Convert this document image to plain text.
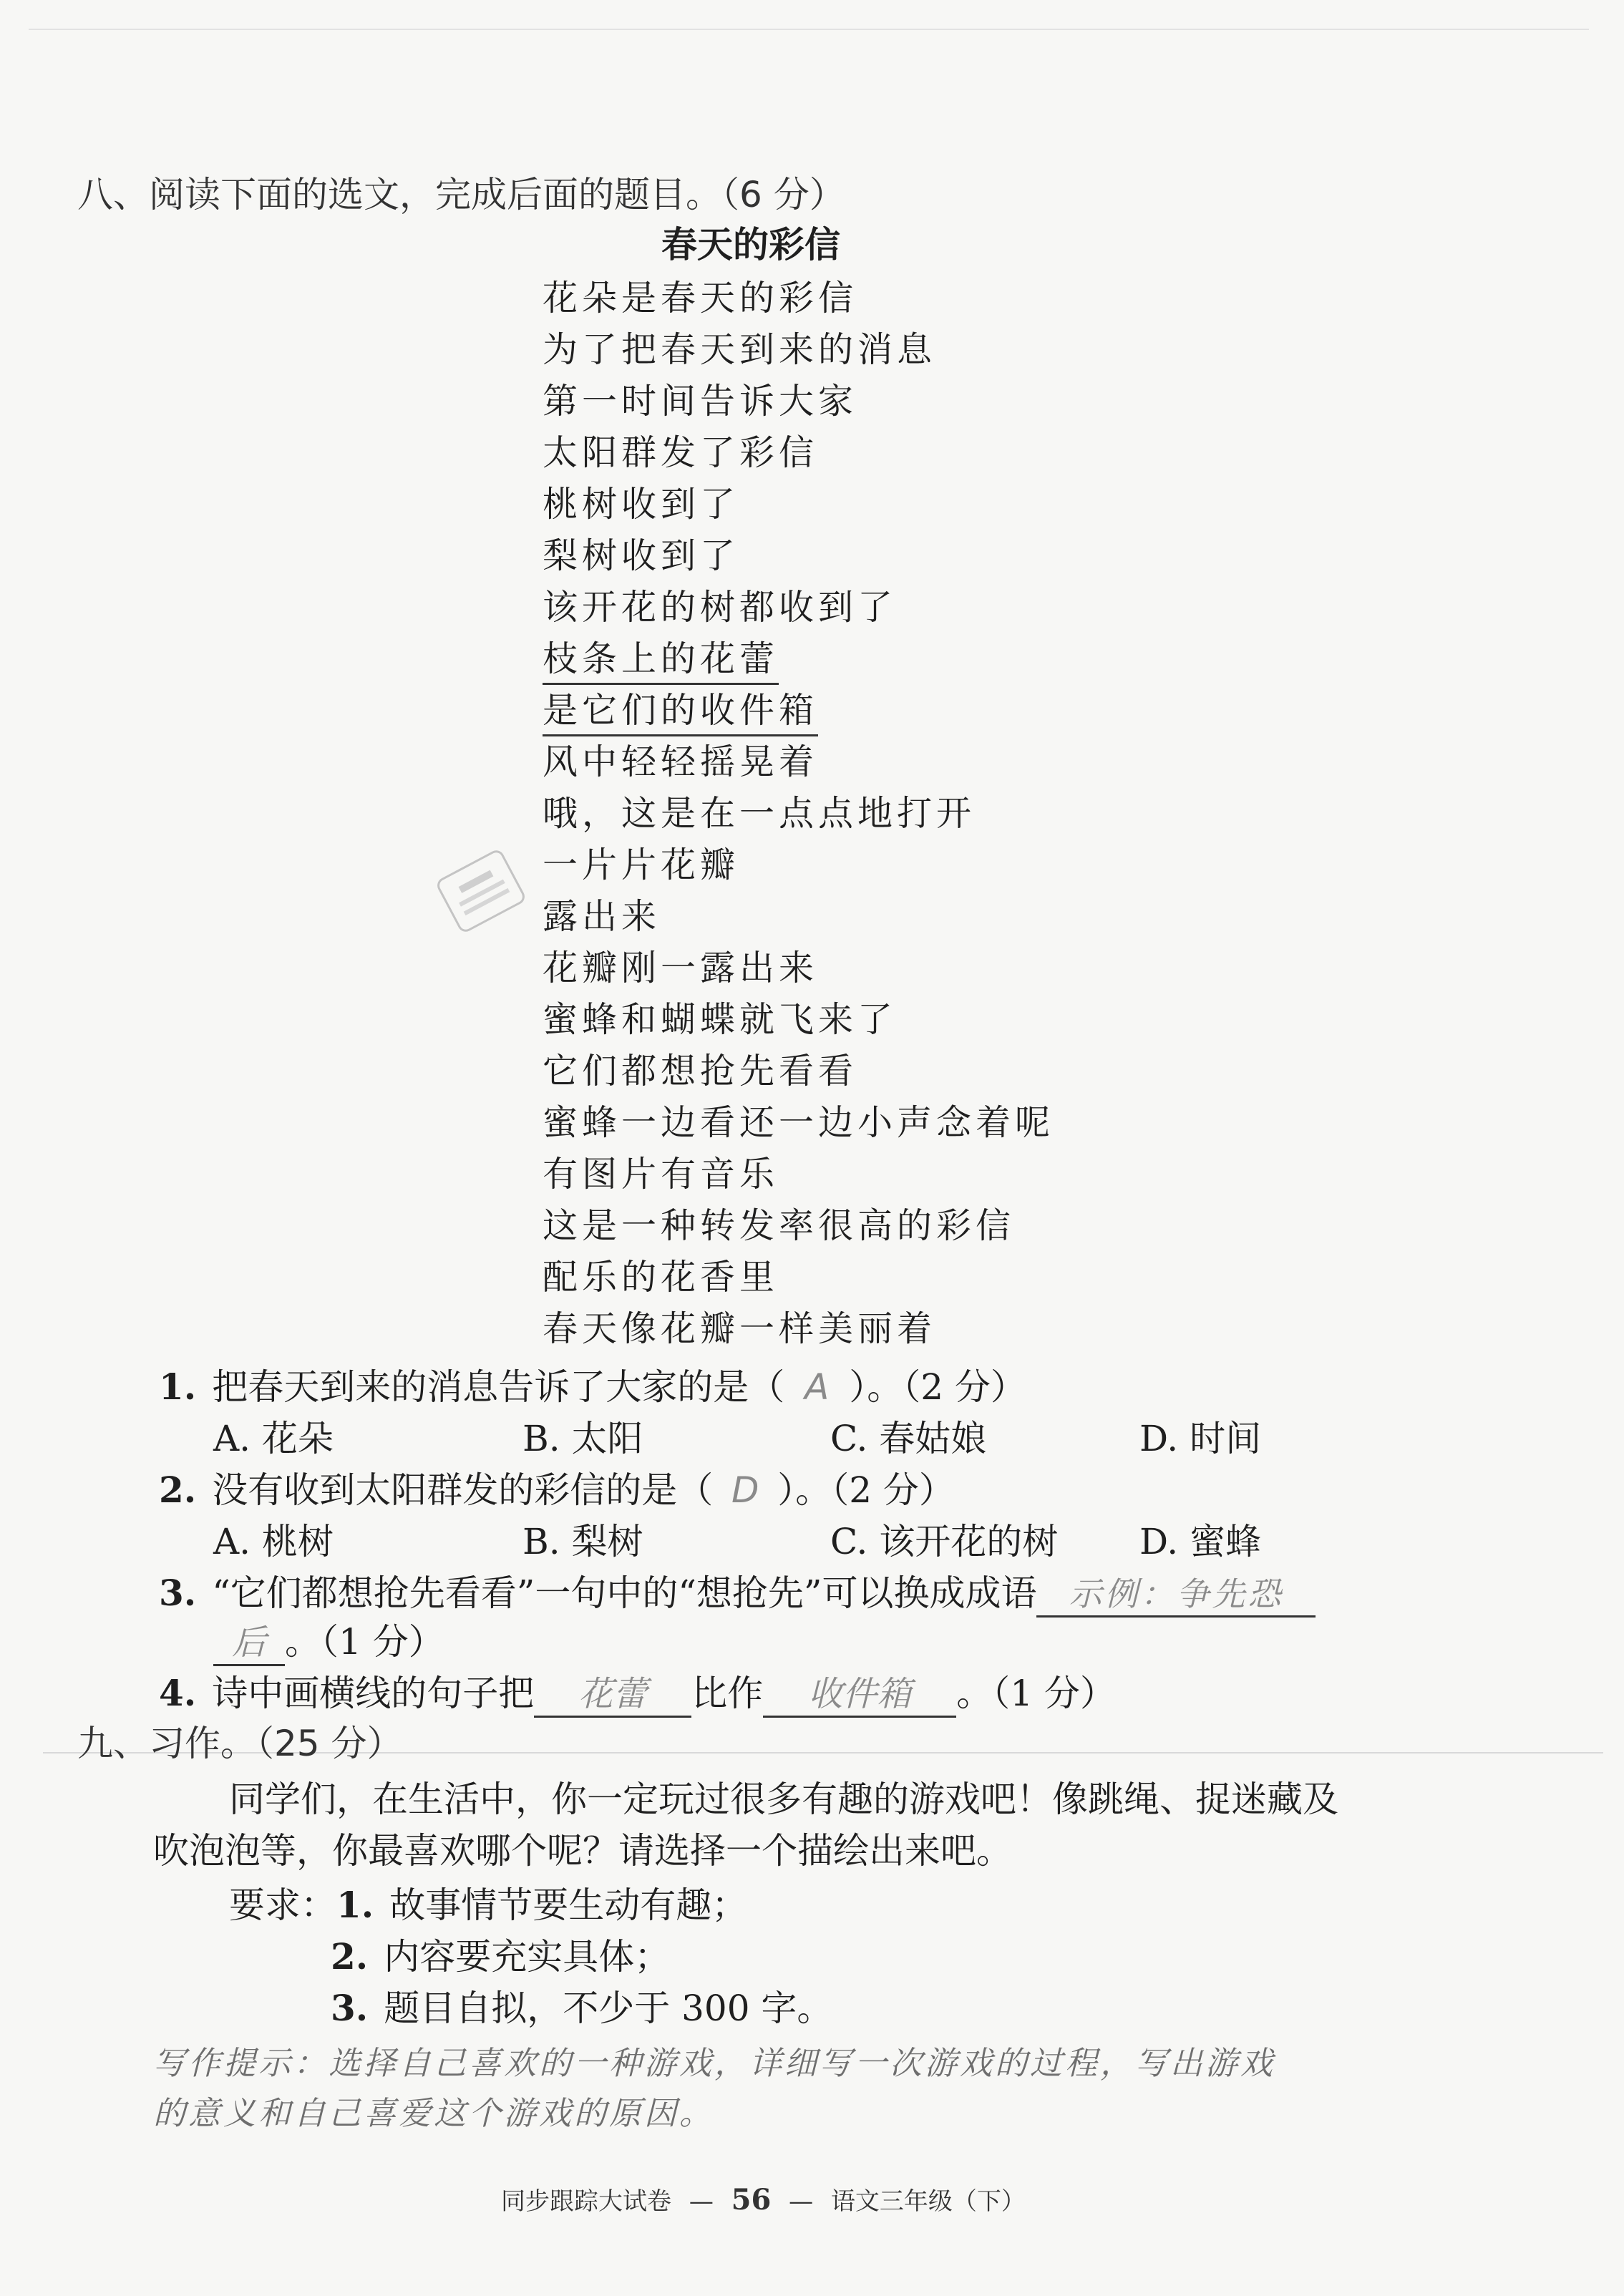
八、阅读下面的选文，完成后面的题目。（6 分）
春天的彩信
花朵是春天的彩信
为了把春天到来的消息
第一时间告诉大家
太阳群发了彩信
桃树收到了
梨树收到了
该开花的树都收到了
枝条上的花蕾
是它们的收件箱
风中轻轻摇晃着
哦，这是在一点点地打开
一片片花瓣
露出来
花瓣刚一露出来
蜜蜂和蝴蝶就飞来了
它们都想抢先看看
蜜蜂一边看还一边小声念着呢
有图片有音乐
这是一种转发率很高的彩信
配乐的花香里
春天像花瓣一样美丽着
1. 把春天到来的消息告诉了大家的是（ A ）。（2 分）
A. 花朵	B. 太阳	C. 春姑娘	D. 时间
2. 没有收到太阳群发的彩信的是（ D ）。（2 分）
A. 桃树	B. 梨树	C. 该开花的树 D. 蜜蜂
3. “它们都想抢先看看”一句中的“想抢先”可以换成成语 示例：争先恐
后 。（1 分）
4. 诗中画横线的句子把 花蕾 比作 收件箱 。（1 分）
九、习作。（25 分）
同学们，在生活中，你一定玩过很多有趣的游戏吧！像跳绳、捉迷藏及
吹泡泡等，你最喜欢哪个呢？请选择一个描绘出来吧。
要求：1. 故事情节要生动有趣；
2. 内容要充实具体；
3. 题目自拟，不少于 300 字。
写作提示：选择自己喜欢的一种游戏，详细写一次游戏的过程，写出游戏
的意义和自己喜爱这个游戏的原因。
同步跟踪大试卷 — 56 — 语文三年级（下）
